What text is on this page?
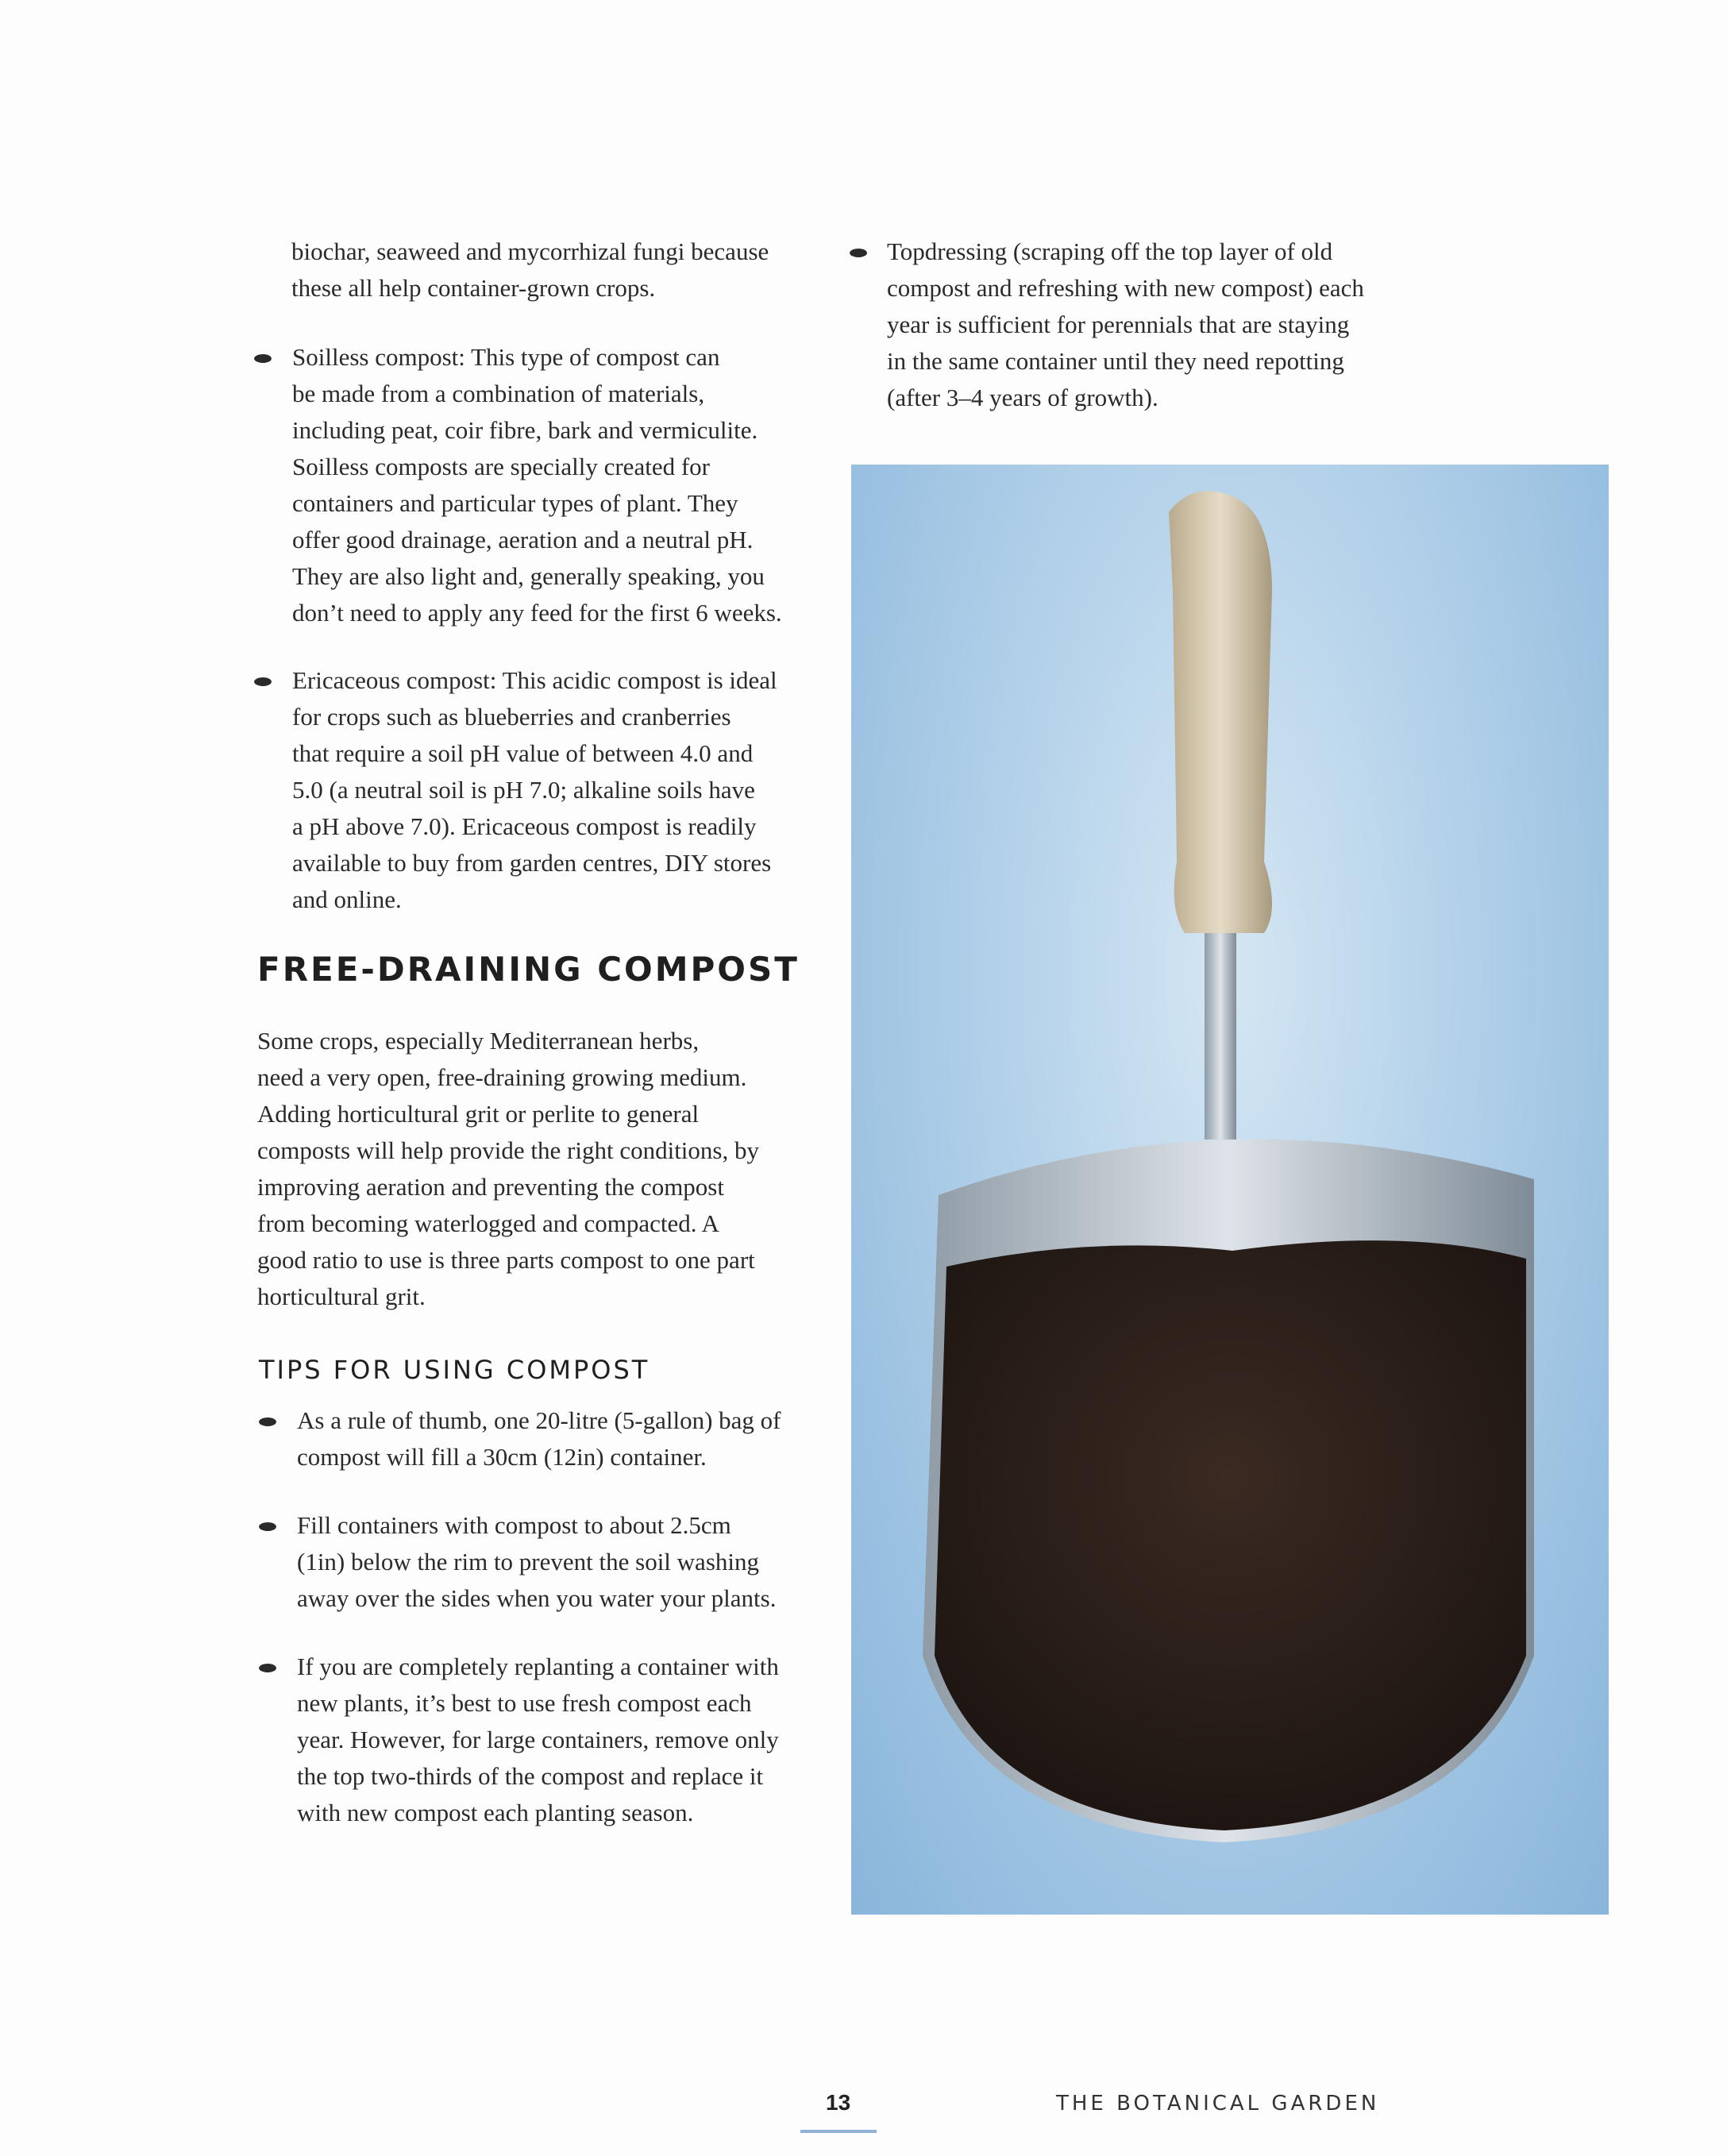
biochar, seaweed and mycorrhizal fungi because
these all help container-grown crops.
Soilless compost: This type of compost can
be made from a combination of materials,
including peat, coir fibre, bark and vermiculite.
Soilless composts are specially created for
containers and particular types of plant. They
offer good drainage, aeration and a neutral pH.
They are also light and, generally speaking, you
don’t need to apply any feed for the first 6 weeks.
Ericaceous compost: This acidic compost is ideal
for crops such as blueberries and cranberries
that require a soil pH value of between 4.0 and
5.0 (a neutral soil is pH 7.0; alkaline soils have
a pH above 7.0). Ericaceous compost is readily
available to buy from garden centres, DIY stores
and online.
FREE-DRAINING COMPOST
Some crops, especially Mediterranean herbs,
need a very open, free-draining growing medium.
Adding horticultural grit or perlite to general
composts will help provide the right conditions, by
improving aeration and preventing the compost
from becoming waterlogged and compacted. A
good ratio to use is three parts compost to one part
horticultural grit.
TIPS FOR USING COMPOST
As a rule of thumb, one 20-litre (5-gallon) bag of
compost will fill a 30cm (12in) container.
Fill containers with compost to about 2.5cm
(1in) below the rim to prevent the soil washing
away over the sides when you water your plants.
If you are completely replanting a container with
new plants, it’s best to use fresh compost each
year. However, for large containers, remove only
the top two-thirds of the compost and replace it
with new compost each planting season.
Topdressing (scraping off the top layer of old
compost and refreshing with new compost) each
year is sufficient for perennials that are staying
in the same container until they need repotting
(after 3–4 years of growth).
13	THE BOTANICAL GARDEN
